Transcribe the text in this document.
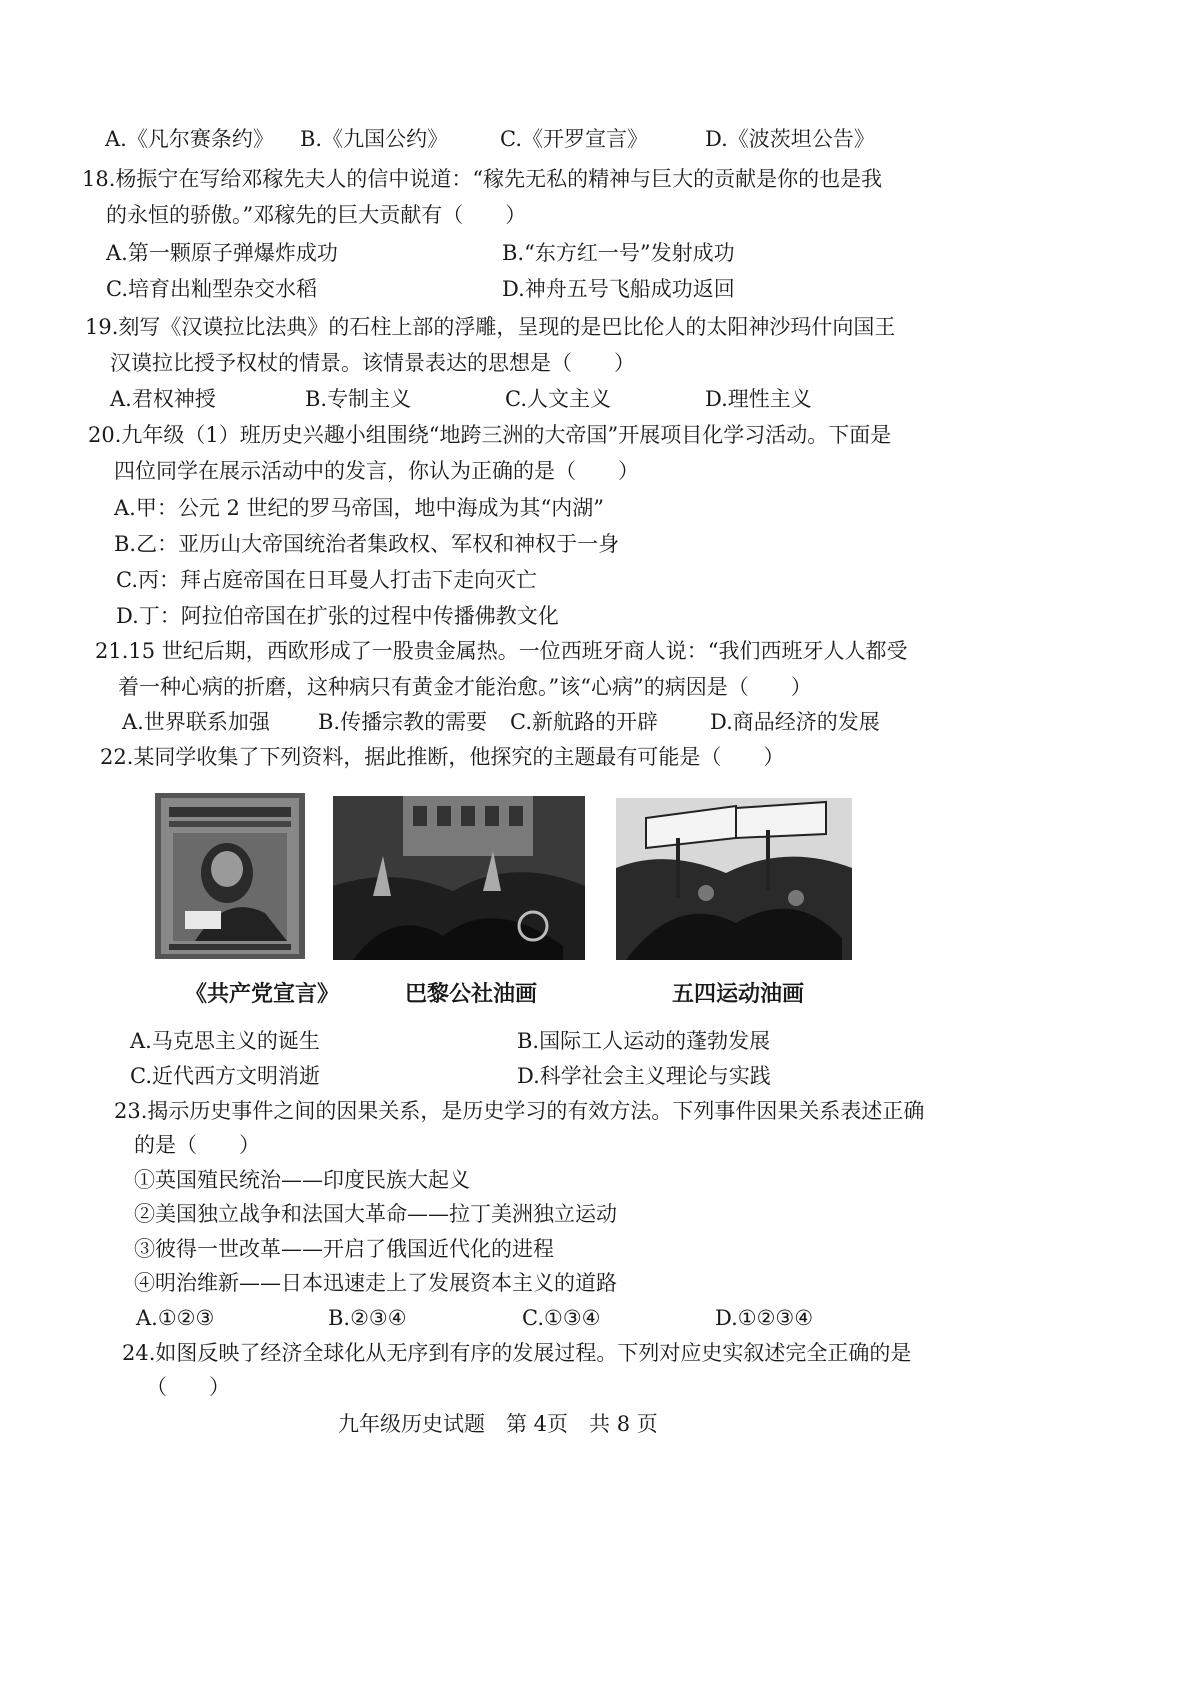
A.《凡尔赛条约》 B.《九国公约》 C.《开罗宣言》	D.《波茨坦公告》
18.杨振宁在写给邓稼先夫人的信中说道：“稼先无私的精神与巨大的贡献是你的也是我
的永恒的骄傲。”邓稼先的巨大贡献有（　　）
A.第一颗原子弹爆炸成功	B.“东方红一号”发射成功
C.培育出籼型杂交水稻	D.神舟五号飞船成功返回
19.刻写《汉谟拉比法典》的石柱上部的浮雕，呈现的是巴比伦人的太阳神沙玛什向国王
汉谟拉比授予权杖的情景。该情景表达的思想是（　　）
A.君权神授	B.专制主义	C.人文主义	D.理性主义
20.九年级（1）班历史兴趣小组围绕“地跨三洲的大帝国”开展项目化学习活动。下面是
四位同学在展示活动中的发言，你认为正确的是（　　）
A.甲：公元 2 世纪的罗马帝国，地中海成为其“内湖”
B.乙：亚历山大帝国统治者集政权、军权和神权于一身
C.丙：拜占庭帝国在日耳曼人打击下走向灭亡
D.丁：阿拉伯帝国在扩张的过程中传播佛教文化
21.15 世纪后期，西欧形成了一股贵金属热。一位西班牙商人说：“我们西班牙人人都受
着一种心病的折磨，这种病只有黄金才能治愈。”该“心病”的病因是（　　）
A.世界联系加强 B.传播宗教的需要 C.新航路的开辟 D.商品经济的发展
22.某同学收集了下列资料，据此推断，他探究的主题最有可能是（　　）
《共产党宣言》	巴黎公社油画	五四运动油画
A.马克思主义的诞生	B.国际工人运动的蓬勃发展
C.近代西方文明消逝	D.科学社会主义理论与实践
23.揭示历史事件之间的因果关系，是历史学习的有效方法。下列事件因果关系表述正确
的是（　　）
①英国殖民统治——印度民族大起义
②美国独立战争和法国大革命——拉丁美洲独立运动
③彼得一世改革——开启了俄国近代化的进程
④明治维新——日本迅速走上了发展资本主义的道路
A.①②③	B.②③④	C.①③④	D.①②③④
24.如图反映了经济全球化从无序到有序的发展过程。下列对应史实叙述完全正确的是
（　　）
九年级历史试题　第 4页　共 8 页
